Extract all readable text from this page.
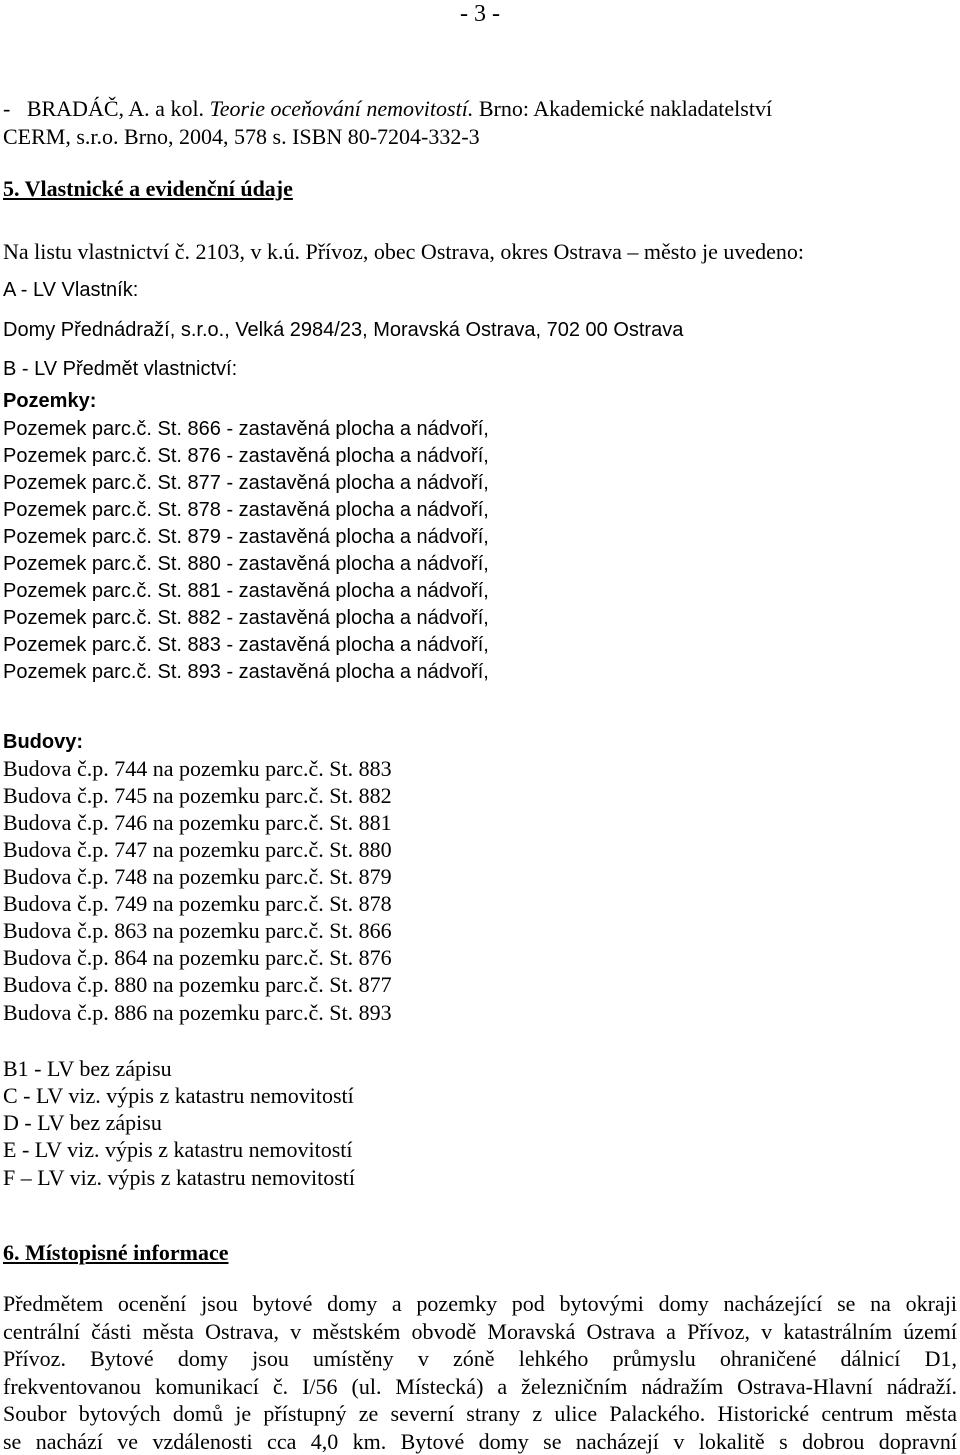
- 3 -
-   BRADÁČ, A. a kol. Teorie oceňování nemovitostí. Brno: Akademické nakladatelství
CERM, s.r.o. Brno, 2004, 578 s. ISBN 80-7204-332-3
5. Vlastnické a evidenční údaje
Na listu vlastnictví č. 2103, v k.ú. Přívoz, obec Ostrava, okres Ostrava – město je uvedeno:
A - LV Vlastník:
Domy Přednádraží, s.r.o., Velká 2984/23, Moravská Ostrava, 702 00 Ostrava
B - LV Předmět vlastnictví:
Pozemky:
Pozemek parc.č. St. 866 - zastavěná plocha a nádvoří,
Pozemek parc.č. St. 876 - zastavěná plocha a nádvoří,
Pozemek parc.č. St. 877 - zastavěná plocha a nádvoří,
Pozemek parc.č. St. 878 - zastavěná plocha a nádvoří,
Pozemek parc.č. St. 879 - zastavěná plocha a nádvoří,
Pozemek parc.č. St. 880 - zastavěná plocha a nádvoří,
Pozemek parc.č. St. 881 - zastavěná plocha a nádvoří,
Pozemek parc.č. St. 882 - zastavěná plocha a nádvoří,
Pozemek parc.č. St. 883 - zastavěná plocha a nádvoří,
Pozemek parc.č. St. 893 - zastavěná plocha a nádvoří,
Budovy:
Budova č.p. 744 na pozemku parc.č. St. 883
Budova č.p. 745 na pozemku parc.č. St. 882
Budova č.p. 746 na pozemku parc.č. St. 881
Budova č.p. 747 na pozemku parc.č. St. 880
Budova č.p. 748 na pozemku parc.č. St. 879
Budova č.p. 749 na pozemku parc.č. St. 878
Budova č.p. 863 na pozemku parc.č. St. 866
Budova č.p. 864 na pozemku parc.č. St. 876
Budova č.p. 880 na pozemku parc.č. St. 877
Budova č.p. 886 na pozemku parc.č. St. 893
B1 - LV bez zápisu
C - LV viz. výpis z katastru nemovitostí
D - LV bez zápisu
E - LV viz. výpis z katastru nemovitostí
F – LV viz. výpis z katastru nemovitostí
6. Místopisné informace
Předmětem ocenění jsou bytové domy a pozemky pod bytovými domy nacházející se na okraji
centrální části města Ostrava, v městském obvodě Moravská Ostrava a Přívoz, v katastrálním území
Přívoz. Bytové domy jsou umístěny v zóně lehkého průmyslu ohraničené dálnicí D1,
frekventovanou komunikací č. I/56 (ul. Místecká) a železničním nádražím Ostrava-Hlavní nádraží.
Soubor bytových domů je přístupný ze severní strany z ulice Palackého. Historické centrum města
se nachází ve vzdálenosti cca 4,0 km. Bytové domy se nacházejí v lokalitě s dobrou dopravní
